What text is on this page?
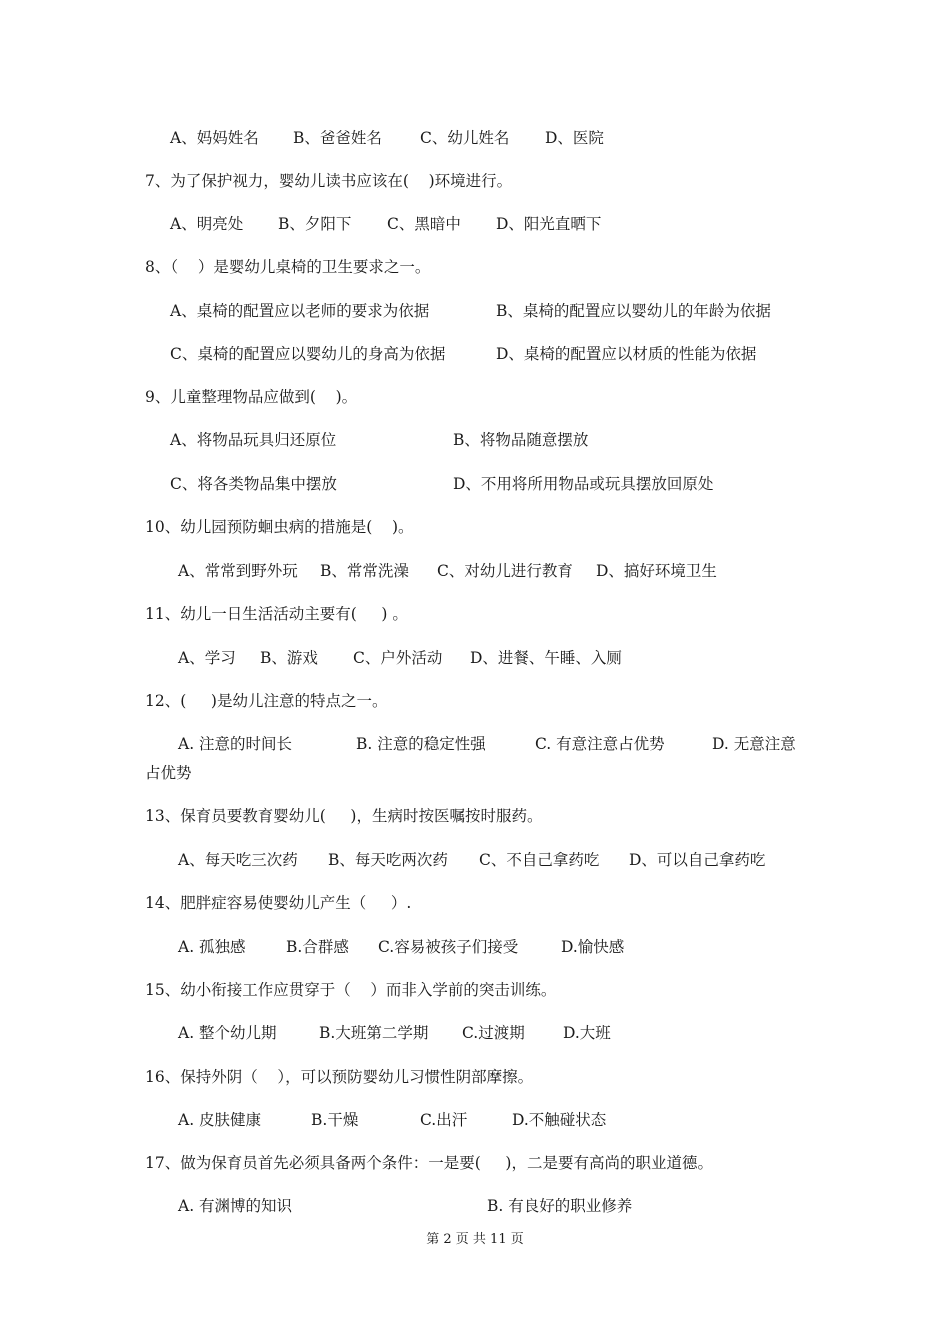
A、妈妈姓名 B、爸爸姓名 C、幼儿姓名 D、医院
7、为了保护视力，婴幼儿读书应该在(    )环境进行。
A、明亮处 B、夕阳下 C、黑暗中 D、阳光直晒下
8、（    ）是婴幼儿桌椅的卫生要求之一。
A、桌椅的配置应以老师的要求为依据	B、桌椅的配置应以婴幼儿的年龄为依据
C、桌椅的配置应以婴幼儿的身高为依据	D、桌椅的配置应以材质的性能为依据
9、儿童整理物品应做到(    )。
A、将物品玩具归还原位	B、将物品随意摆放
C、将各类物品集中摆放	D、不用将所用物品或玩具摆放回原处
10、幼儿园预防蛔虫病的措施是(    )。
A、常常到野外玩 B、常常洗澡 C、对幼儿进行教育 D、搞好环境卫生
11、幼儿一日生活活动主要有(     ) 。
A、学习 B、游戏 C、户外活动 D、进餐、午睡、入厕
12、(     )是幼儿注意的特点之一。
A. 注意的时间长	B. 注意的稳定性强	C. 有意注意占优势	D. 无意注意
占优势
13、保育员要教育婴幼儿(     )，生病时按医嘱按时服药。
A、每天吃三次药 B、每天吃两次药 C、不自己拿药吃 D、可以自己拿药吃
14、肥胖症容易使婴幼儿产生（     ）.
A. 孤独感	B.合群感 C.容易被孩子们接受	D.愉快感
15、幼小衔接工作应贯穿于（    ）而非入学前的突击训练。
A. 整个幼儿期	B.大班第二学期 C.过渡期 D.大班
16、保持外阴（    ），可以预防婴幼儿习惯性阴部摩擦。
A. 皮肤健康	B.干燥	C.出汗	D.不触碰状态
17、做为保育员首先必须具备两个条件：一是要(     )，二是要有高尚的职业道德。
A. 有渊博的知识	B. 有良好的职业修养
第 2 页 共 11 页
